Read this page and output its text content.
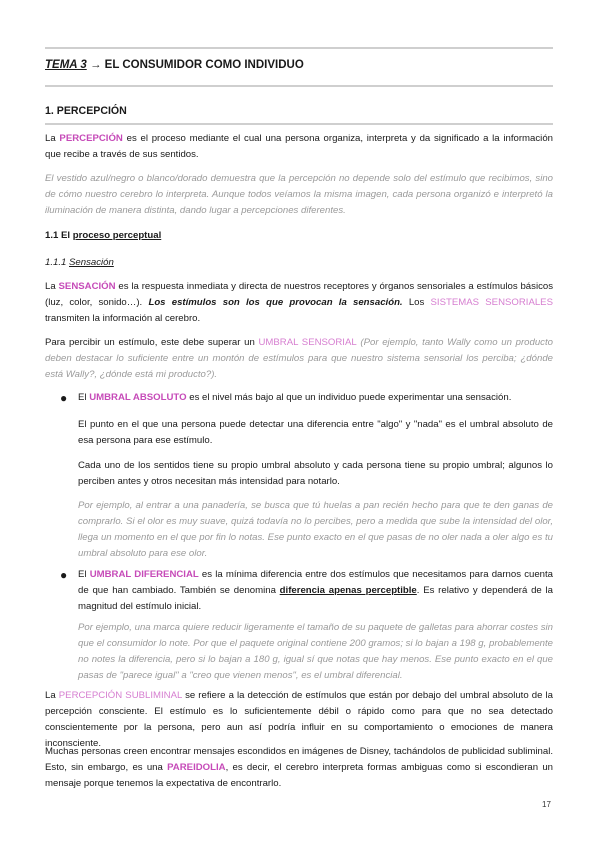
TEMA 3 → EL CONSUMIDOR COMO INDIVIDUO
1. PERCEPCIÓN

La PERCEPCIÓN es el proceso mediante el cual una persona organiza, interpreta y da significado a la información que recibe a través de sus sentidos.

El vestido azul/negro o blanco/dorado demuestra que la percepción no depende solo del estímulo que recibimos, sino de cómo nuestro cerebro lo interpreta. Aunque todos veíamos la misma imagen, cada persona organizó e interpretó la iluminación de manera distinta, dando lugar a percepciones diferentes.

1.1 El proceso perceptual

1.1.1 Sensación

La SENSACIÓN es la respuesta inmediata y directa de nuestros receptores y órganos sensoriales a estímulos básicos (luz, color, sonido…). Los estímulos son los que provocan la sensación. Los SISTEMAS SENSORIALES transmiten la información al cerebro.

Para percibir un estímulo, este debe superar un UMBRAL SENSORIAL (Por ejemplo, tanto Wally como un producto deben destacar lo suficiente entre un montón de estímulos para que nuestro sistema sensorial los perciba; ¿dónde está Wally?, ¿dónde está mi producto?).

● El UMBRAL ABSOLUTO es el nivel más bajo al que un individuo puede experimentar una sensación.

El punto en el que una persona puede detectar una diferencia entre "algo" y "nada" es el umbral absoluto de esa persona para ese estímulo.

Cada uno de los sentidos tiene su propio umbral absoluto y cada persona tiene su propio umbral; algunos lo perciben antes y otros necesitan más intensidad para notarlo.

Por ejemplo, al entrar a una panadería, se busca que tú huelas a pan recién hecho para que te den ganas de comprarlo. Si el olor es muy suave, quizá todavía no lo percibes, pero a medida que sube la intensidad del olor, llega un momento en el que por fin lo notas. Ese punto exacto en el que pasas de no oler nada a oler algo es tu umbral absoluto para ese olor.

● El UMBRAL DIFERENCIAL es la mínima diferencia entre dos estímulos que necesitamos para darnos cuenta de que han cambiado. También se denomina diferencia apenas perceptible. Es relativo y dependerá de la magnitud del estímulo inicial.

Por ejemplo, una marca quiere reducir ligeramente el tamaño de su paquete de galletas para ahorrar costes sin que el consumidor lo note. Por que el paquete original contiene 200 gramos; si lo bajan a 198 g, probablemente no notes la diferencia, pero si lo bajan a 180 g, igual sí que notas que hay menos. Ese punto exacto en el que pasas de "parece igual" a "creo que vienen menos", es el umbral diferencial.

La PERCEPCIÓN SUBLIMINAL se refiere a la detección de estímulos que están por debajo del umbral absoluto de la percepción consciente. El estímulo es lo suficientemente débil o rápido como para que no sea detectado conscientemente por la persona, pero aun así podría influir en su comportamiento o emociones de manera inconsciente.

Muchas personas creen encontrar mensajes escondidos en imágenes de Disney, tachándolos de publicidad subliminal. Esto, sin embargo, es una PAREIDOLIA, es decir, el cerebro interpreta formas ambiguas como si escondieran un mensaje porque tenemos la expectativa de encontrarlo.

17
